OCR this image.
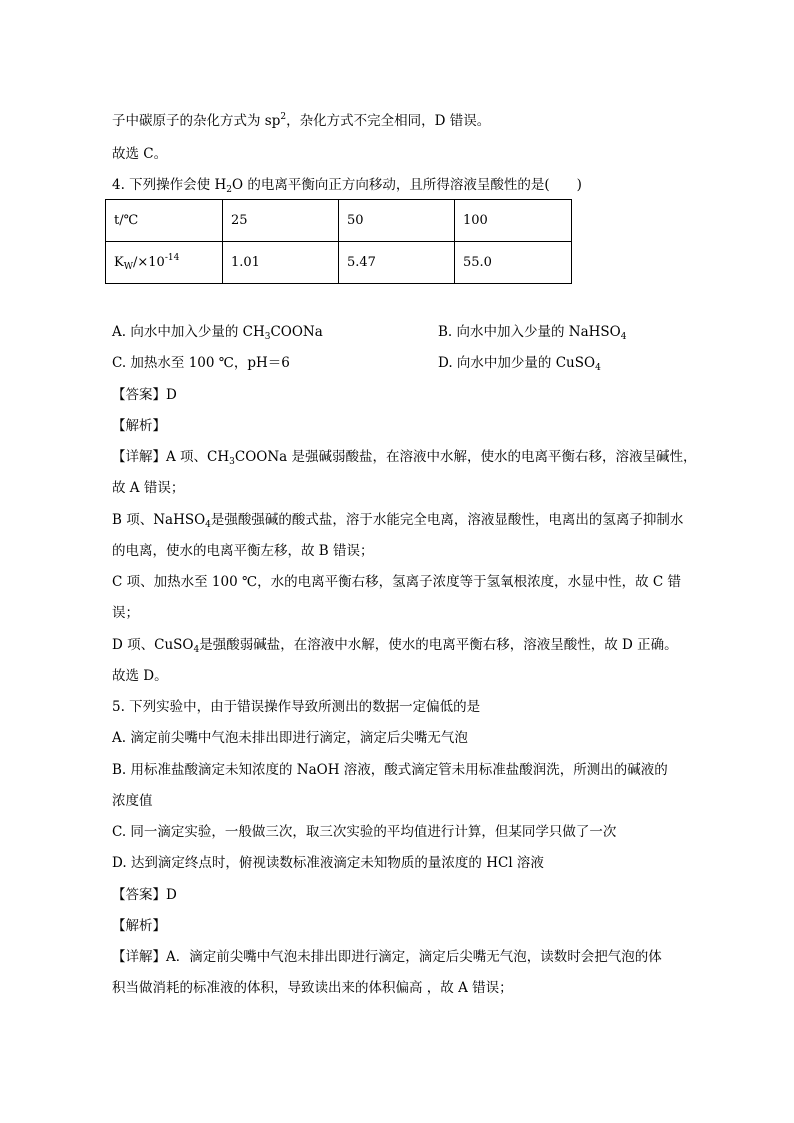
子中碳原子的杂化方式为 $sp^2$，杂化方式不完全相同，D 错误。
故选 C。
4. 下列操作会使 $H_2O$ 的电离平衡向正方向移动，且所得溶液呈酸性的是(　　)
t/℃	25	50	100
$K_W/\times 10^{-14}$	1.01	5.47	55.0
A. 向水中加入少量的 $CH_3COONa$	B. 向水中加入少量的 NaHSO$_4$
C. 加热水至 100 ℃，pH＝6	D. 向水中加少量的 CuSO$_4$
【答案】D
【解析】
【详解】A 项、$CH_3COONa$ 是强碱弱酸盐，在溶液中水解，使水的电离平衡右移，溶液呈碱性，
故 A 错误；
B 项、NaHSO$_4$是强酸强碱的酸式盐，溶于水能完全电离，溶液显酸性，电离出的氢离子抑制水
的电离，使水的电离平衡左移，故 B 错误；
C 项、加热水至 100 ℃，水的电离平衡右移，氢离子浓度等于氢氧根浓度，水显中性，故 C 错
误；
D 项、CuSO$_4$是强酸弱碱盐，在溶液中水解，使水的电离平衡右移，溶液呈酸性，故 D 正确。
故选 D。
5. 下列实验中，由于错误操作导致所测出的数据一定偏低的是
A. 滴定前尖嘴中气泡未排出即进行滴定，滴定后尖嘴无气泡
B. 用标准盐酸滴定未知浓度的 NaOH 溶液，酸式滴定管未用标准盐酸润洗，所测出的碱液的
浓度值
C. 同一滴定实验，一般做三次，取三次实验的平均值进行计算，但某同学只做了一次
D. 达到滴定终点时，俯视读数标准液滴定未知物质的量浓度的 HCl 溶液
【答案】D
【解析】
【详解】A．滴定前尖嘴中气泡未排出即进行滴定，滴定后尖嘴无气泡，读数时会把气泡的体
积当做消耗的标准液的体积，导致读出来的体积偏高 ，故 A 错误；
